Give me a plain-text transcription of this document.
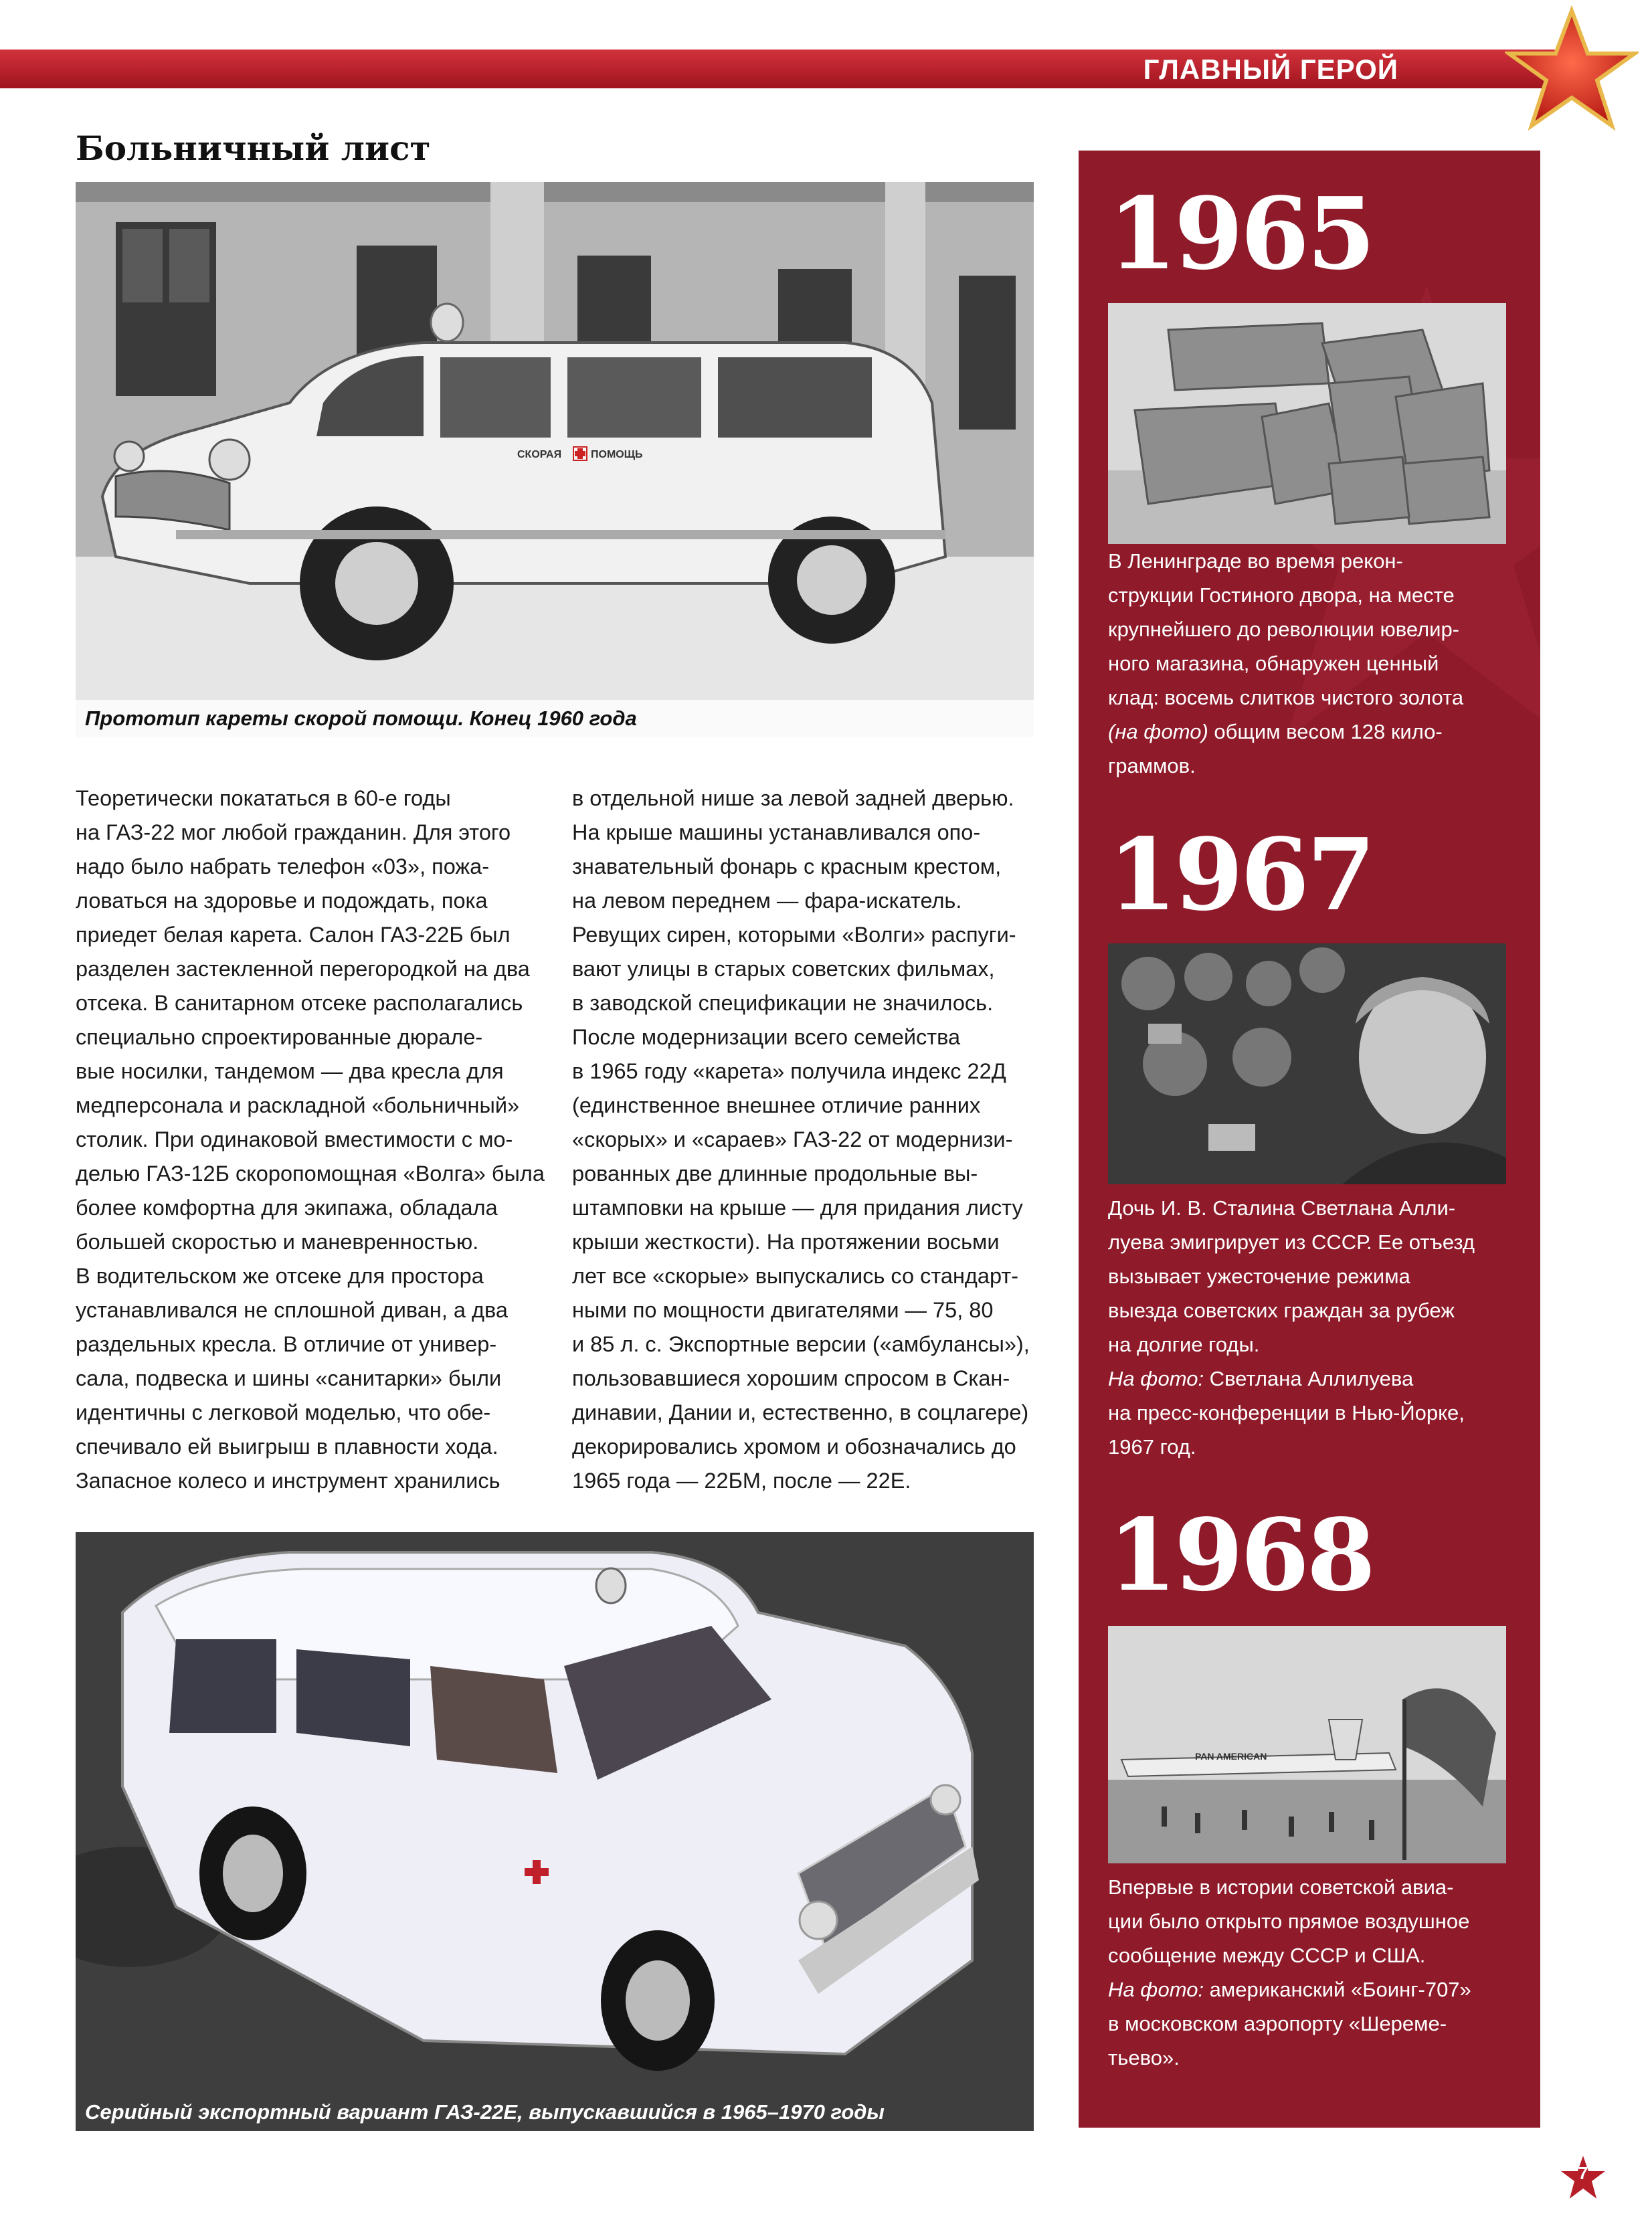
ГЛАВНЫЙ ГЕРОЙ
Больничный лист
СКОРАЯ	ПОМОЩЬ
Прототип кареты скорой помощи. Конец 1960 года

Теоретически покататься в 60-е годы
на ГАЗ-22 мог любой гражданин. Для этого
надо было набрать телефон «03», пожа-
ловаться на здоровье и подождать, пока
приедет белая карета. Салон ГАЗ-22Б был
разделен застекленной перегородкой на два
отсека. В санитарном отсеке располагались
специально спроектированные дюрале-
вые носилки, тандемом — два кресла для
медперсонала и раскладной «больничный»
столик. При одинаковой вместимости с мо-
делью ГАЗ-12Б скоропомощная «Волга» была
более комфортна для экипажа, обладала
большей скоростью и маневренностью.
В водительском же отсеке для простора
устанавливался не сплошной диван, а два
раздельных кресла. В отличие от универ-
сала, подвеска и шины «санитарки» были
идентичны с легковой моделью, что обе-
спечивало ей выигрыш в плавности хода.
Запасное колесо и инструмент хранились

в отдельной нише за левой задней дверью.
На крыше машины устанавливался опо-
знавательный фонарь с красным крестом,
на левом переднем — фара-искатель.
Ревущих сирен, которыми «Волги» распуги-
вают улицы в старых советских фильмах,
в заводской спецификации не значилось.
После модернизации всего семейства
в 1965 году «карета» получила индекс 22Д
(единственное внешнее отличие ранних
«скорых» и «сараев» ГАЗ-22 от модернизи-
рованных две длинные продольные вы-
штамповки на крыше — для придания листу
крыши жесткости). На протяжении восьми
лет все «скорые» выпускались со стандарт-
ными по мощности двигателями — 75, 80
и 85 л. с. Экспортные версии («амбулансы»),
пользовавшиеся хорошим спросом в Скан-
динавии, Дании и, естественно, в соцлагере)
декорировались хромом и обозначались до
1965 года — 22БМ, после — 22Е.

Серийный экспортный вариант ГАЗ-22Е, выпускавшийся в 1965–1970 годы
1965

В Ленинграде во время рекон-
струкции Гостиного двора, на месте
крупнейшего до революции ювелир-
ного магазина, обнаружен ценный
клад: восемь слитков чистого золота
(на фото) общим весом 128 кило-
граммов.

1967

Дочь И. В. Сталина Светлана Алли-
луева эмигрирует из СССР. Ее отъезд
вызывает ужесточение режима
выезда советских граждан за рубеж
на долгие годы.
На фото: Светлана Аллилуева
на пресс-конференции в Нью-Йорке,
1967 год.

1968
PAN AMERICAN

Впервые в истории советской авиа-
ции было открыто прямое воздушное
сообщение между СССР и США.
На фото: американский «Боинг-707»
в московском аэропорту «Шереме-
тьево».

7
